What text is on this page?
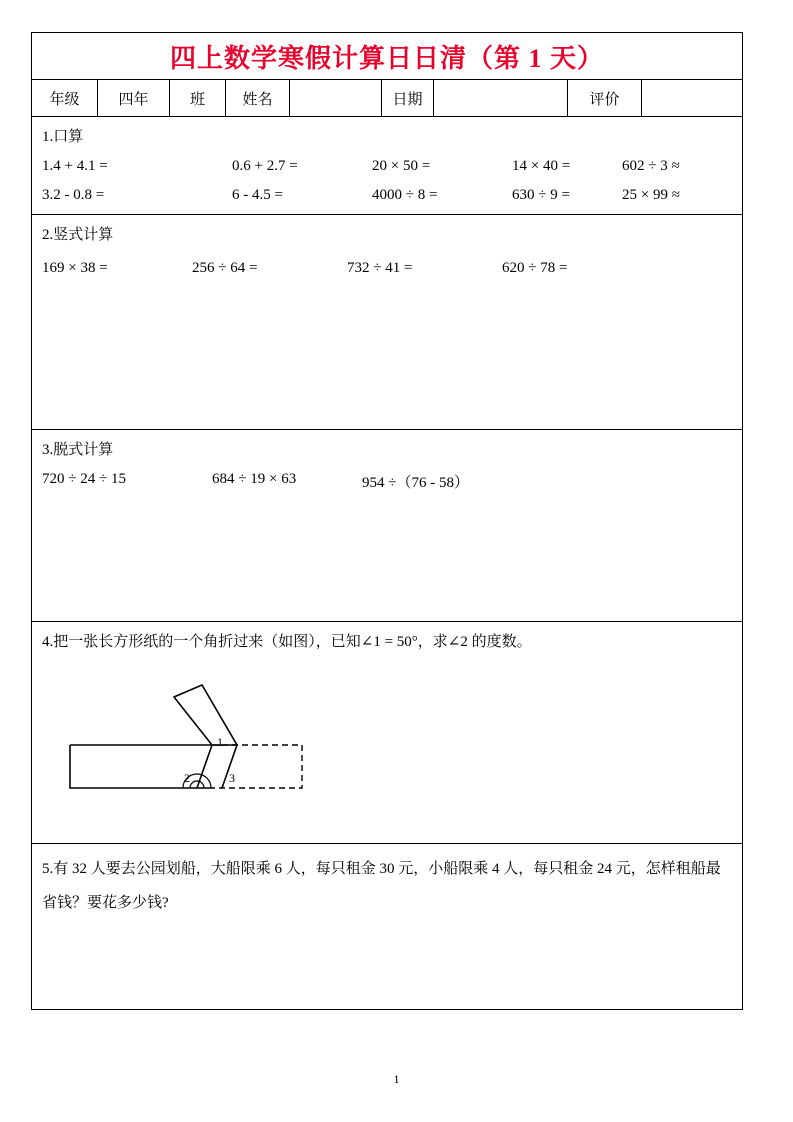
四上数学寒假计算日日清（第 1 天）
年级	四年	班	姓名	日期	评价
1.口算
1.4 + 4.1 =	0.6 + 2.7 =	20 × 50 =	14 × 40 =	602 ÷ 3 ≈
3.2 - 0.8 =	6 - 4.5 =	4000 ÷ 8 =	630 ÷ 9 =	25 × 99 ≈
2.竖式计算
169 × 38 =	256 ÷ 64 =	732 ÷ 41 =	620 ÷ 78 =
3.脱式计算
720 ÷ 24 ÷ 15	684 ÷ 19 × 63	954 ÷（76 - 58）
4.把一张长方形纸的一个角折过来（如图），已知∠1 = 50°，求∠2 的度数。
1
2	3
5.有 32 人要去公园划船，大船限乘 6 人，每只租金 30 元，小船限乘 4 人，每只租金 24 元，怎样租船最省钱？要花多少钱?
1
